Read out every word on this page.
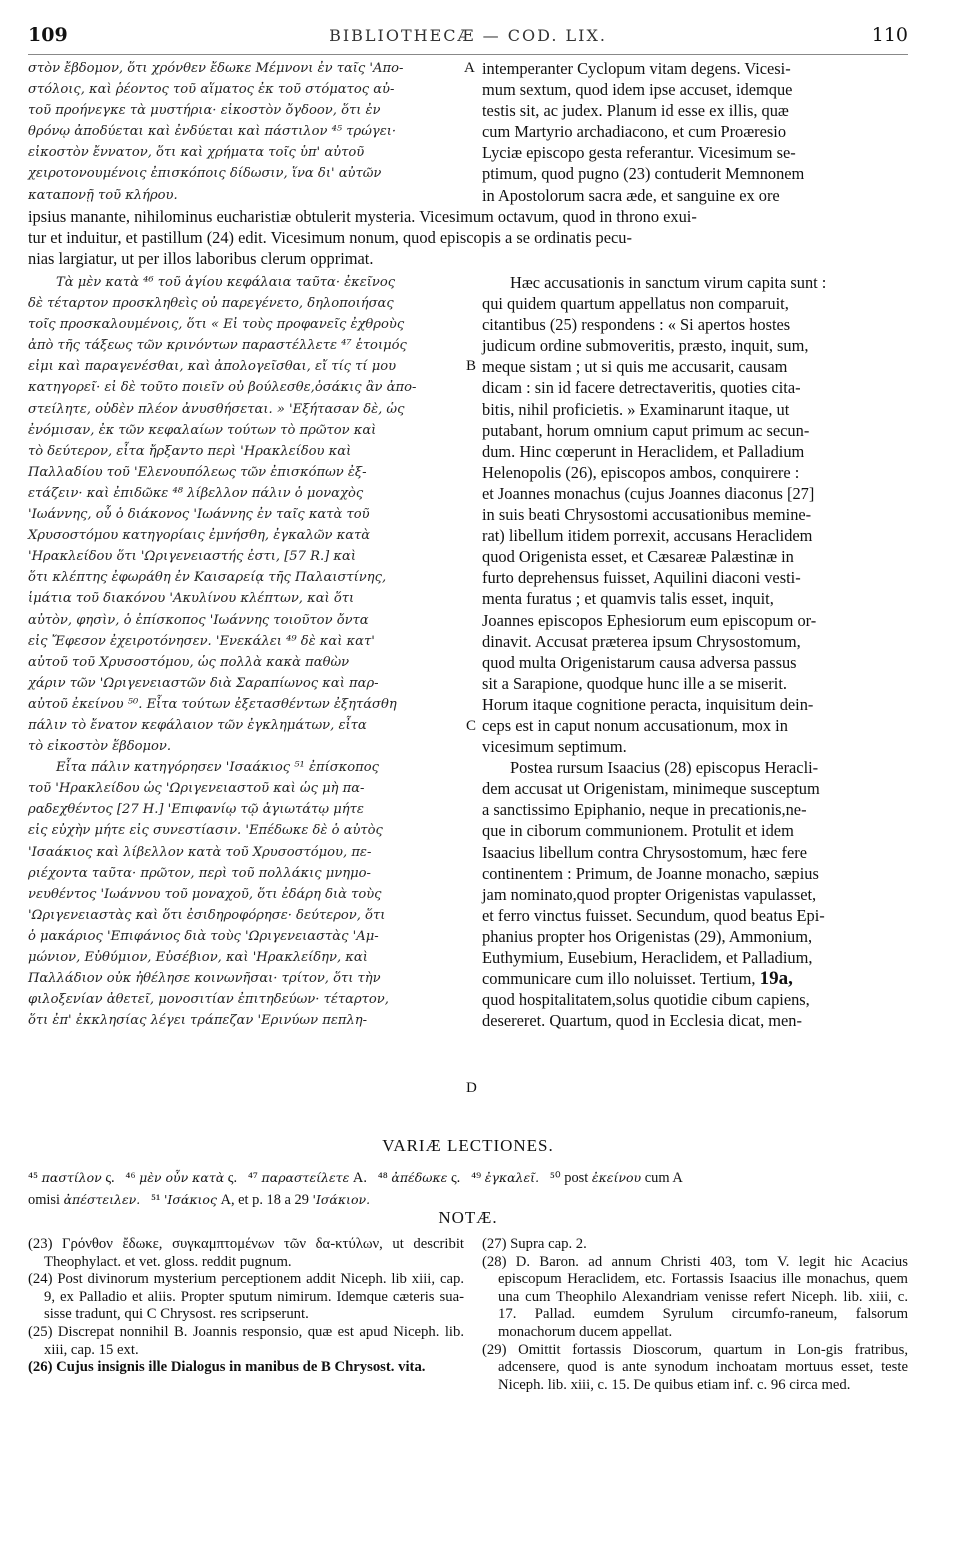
109	BIBLIOTHECÆ — COD. LIX.	110

στὸν ἔβδομον, ὅτι χρόνθεν ἔδωκε Μέμνονι ἐν ταῖς 'Απο-

στόλοις, καὶ ῥέοντος τοῦ αἵματος ἐκ τοῦ στόματος αὐ-

τοῦ προήνεγκε τὰ μυστήρια· εἰκοστὸν ὄγδοον, ὅτι ἐν

θρόνῳ ἀποδύεται καὶ ἐνδύεται καὶ πάστιλον ⁴⁵ τρώγει·

εἰκοστὸν ἔννατον, ὅτι καὶ χρήματα τοῖς ὑπ' αὐτοῦ

χειροτονουμένοις ἐπισκόποις δίδωσιν, ἵνα δι' αὐτῶν

καταπονῇ τοῦ κλήρου.

intemperanter Cyclopum vitam degens. Vicesi-

mum sextum, quod idem ipse accuset, idemque

testis sit, ac judex. Planum id esse ex illis, quæ

cum Martyrio archadiacono, et cum Proæresio

Lyciæ episcopo gesta referantur. Vicesimum se-

ptimum, quod pugno (23) contuderit Memnonem

in Apostolorum sacra æde, et sanguine ex ore

A

ipsius manante, nihilominus eucharistiæ obtulerit mysteria. Vicesimum octavum, quod in throno exui-

tur et induitur, et pastillum (24) edit. Vicesimum nonum, quod episcopis a se ordinatis pecu-

nias largiatur, ut per illos laboribus clerum opprimat.

Τὰ μὲν κατὰ ⁴⁶ τοῦ ἁγίου κεφάλαια ταῦτα· ἐκεῖνος

δὲ τέταρτον προσκληθεὶς οὐ παρεγένετο, δηλοποιήσας

τοῖς προσκαλουμένοις, ὅτι « Εἰ τοὺς προφανεῖς ἐχθροὺς

ἀπὸ τῆς τάξεως τῶν κρινόντων παραστέλλετε ⁴⁷ ἑτοιμός

εἰμι καὶ παραγενέσθαι, καὶ ἀπολογεῖσθαι, εἴ τίς τί μου

κατηγορεῖ· εἰ δὲ τοῦτο ποιεῖν οὐ βούλεσθε,ὁσάκις ἂν ἀπο-

στείλητε, οὐδὲν πλέον ἀνυσθήσεται. » 'Εξήτασαν δὲ, ὡς

ἐνόμισαν, ἐκ τῶν κεφαλαίων τούτων τὸ πρῶτον καὶ

τὸ δεύτερον, εἶτα ἤρξαντο περὶ 'Ηρακλείδου καὶ

Παλλαδίου τοῦ 'Ελενουπόλεως τῶν ἐπισκόπων ἐξ-

ετάζειν· καὶ ἐπιδῶκε ⁴⁸ λίβελλον πάλιν ὁ μοναχὸς

'Ιωάννης, οὗ ὁ διάκονος 'Ιωάννης ἐν ταῖς κατὰ τοῦ

Χρυσοστόμου κατηγορίαις ἐμνήσθη, ἐγκαλῶν κατὰ

'Ηρακλείδου ὅτι 'Ωριγενειαστής ἐστι, [57 R.] καὶ

ὅτι κλέπτης ἐφωράθη ἐν Καισαρείᾳ τῆς Παλαιστίνης,

ἱμάτια τοῦ διακόνου 'Ακυλίνου κλέπτων, καὶ ὅτι

αὐτὸν, φησὶν, ὁ ἐπίσκοπος 'Ιωάννης τοιοῦτον ὄντα

εἰς Ἔφεσον ἐχειροτόνησεν. 'Ενεκάλει ⁴⁹ δὲ καὶ κατ'

αὐτοῦ τοῦ Χρυσοστόμου, ὡς πολλὰ κακὰ παθὼν

χάριν τῶν 'Ωριγενειαστῶν διὰ Σαραπίωνος καὶ παρ-

αὐτοῦ ἐκείνου ⁵⁰. Εἶτα τούτων ἐξετασθέντων ἐξητάσθη

πάλιν τὸ ἔνατον κεφάλαιον τῶν ἐγκλημάτων, εἶτα

τὸ εἰκοστὸν ἕβδομον.

Εἶτα πάλιν κατηγόρησεν 'Ισαάκιος ⁵¹ ἐπίσκοπος

τοῦ 'Ηρακλείδου ὡς 'Ωριγενειαστοῦ καὶ ὡς μὴ πα-

ραδεχθέντος [27 H.] 'Επιφανίῳ τῷ ἁγιωτάτῳ μήτε

εἰς εὐχὴν μήτε εἰς συνεστίασιν. 'Επέδωκε δὲ ὁ αὐτὸς

'Ισαάκιος καὶ λίβελλον κατὰ τοῦ Χρυσοστόμου, πε-

ριέχοντα ταῦτα· πρῶτον, περὶ τοῦ πολλάκις μνημο-

νευθέντος 'Ιωάννου τοῦ μοναχοῦ, ὅτι ἐδάρη διὰ τοὺς

'Ωριγενειαστὰς καὶ ὅτι ἐσιδηροφόρησε· δεύτερον, ὅτι

ὁ μακάριος 'Επιφάνιος διὰ τοὺς 'Ωριγενειαστὰς 'Αμ-

μώνιον, Εὐθύμιον, Εὐσέβιον, καὶ 'Ηρακλείδην, καὶ

Παλλάδιον οὐκ ἠθέλησε κοινωνῆσαι· τρίτον, ὅτι τὴν

φιλοξενίαν ἀθετεῖ, μονοσιτίαν ἐπιτηδεύων· τέταρτον,

ὅτι ἐπ' ἐκκλησίας λέγει τράπεζαν 'Ερινύων πεπλη-

Hæc accusationis in sanctum virum capita sunt :

qui quidem quartum appellatus non comparuit,

citantibus (25) respondens : « Si apertos hostes

judicum ordine submoveritis, præsto, inquit, sum,

meque sistam ; ut si quis me accusarit, causam

dicam : sin id facere detrectaveritis, quoties cita-

bitis, nihil proficietis. » Examinarunt itaque, ut

putabant, horum omnium caput primum ac secun-

dum. Hinc cœperunt in Heraclidem, et Palladium

Helenopolis (26), episcopos ambos, conquirere :

et Joannes monachus (cujus Joannes diaconus [27]

in suis beati Chrysostomi accusationibus meminе-

rat) libellum itidem porrexit, accusans Heraclidem

quod Origenista esset, et Cæsareæ Palæstinæ in

furto deprehensus fuisset, Aquilini diaconi vesti-

menta furatus ; et quamvis talis esset, inquit,

Joannes episcopos Ephesiorum eum episcopum or-

dinavit. Accusat præterea ipsum Chrysostomum,

quod multa Origenistarum causa adversa passus

sit a Sarapione, quodque hunc ille a se miserit.

Horum itaque cognitione peracta, inquisitum dein-

ceps est in caput nonum accusationum, mox in

vicesimum septimum.

Postea rursum Isaacius (28) episcopus Heracli-

dem accusat ut Origenistam, minimeque susceptum

a sanctissimo Epiphanio, neque in precationis,ne-

que in ciborum communionem. Protulit et idem

Isaacius libellum contra Chrysostomum, hæc fere

continentem : Primum, de Joanne monacho, sæpius

jam nominato,quod propter Origenistas vapulasset,

et ferro vinctus fuisset. Secundum, quod beatus Epi-

phanius propter hos Origenistas (29), Ammonium,

Euthymium, Eusebium, Heraclidem, et Palladium,

communicare cum illo noluisset. Tertium, 19a,

quod hospitalitatem,solus quotidie cibum capiens,

desereret. Quartum, quod in Ecclesia dicat, men-

B
C
D
VARIÆ LECTIONES.
⁴⁵ παστίλον ς. ⁴⁶ μὲν οὖν κατὰ ς. ⁴⁷ παραστείλετε A. ⁴⁸ ἀπέδωκε ς. ⁴⁹ ἐγκαλεῖ. ⁵⁰ post ἐκείνου cum A
omisi ἀπέστειλεν. ⁵¹ 'Ισάκιος A, et p. 18 a 29 'Ισάκιον.
NOTÆ.

(23) Γρόνθον ἔδωκε, συγκαμπτομένων τῶν δα-κτύλων, ut describit Theophylact. et vet. gloss. reddit pugnum.

(24) Post divinorum mysterium perceptionem addit Niceph. lib xiii, cap. 9, ex Palladio et aliis. Propter sputum nimirum. Idemque cæteris sua-sisse tradunt, qui C Chrysost. res scripserunt.

(25) Discrepat nonnihil B. Joannis responsio, quæ est apud Niceph. lib. xiii, cap. 15 ext.

(26) Cujus insignis ille Dialogus in manibus de B Chrysost. vita.

(27) Supra cap. 2.

(28) D. Baron. ad annum Christi 403, tom V. legit hic Acacius episcopum Heraclidem, etc. Fortassis Isaacius ille monachus, quem una cum Theophilo Alexandriam venisse refert Niceph. lib. xiii, c. 17. Pallad. eumdem Syrulum circumfo-raneum, falsorum monachorum ducem appellat.

(29) Omittit fortassis Dioscorum, quartum in Lon-gis fratribus, adcensere, quod is ante synodum inchoatam mortuus esset, teste Niceph. lib. xiii, c. 15. De quibus etiam inf. c. 96 circa med.
